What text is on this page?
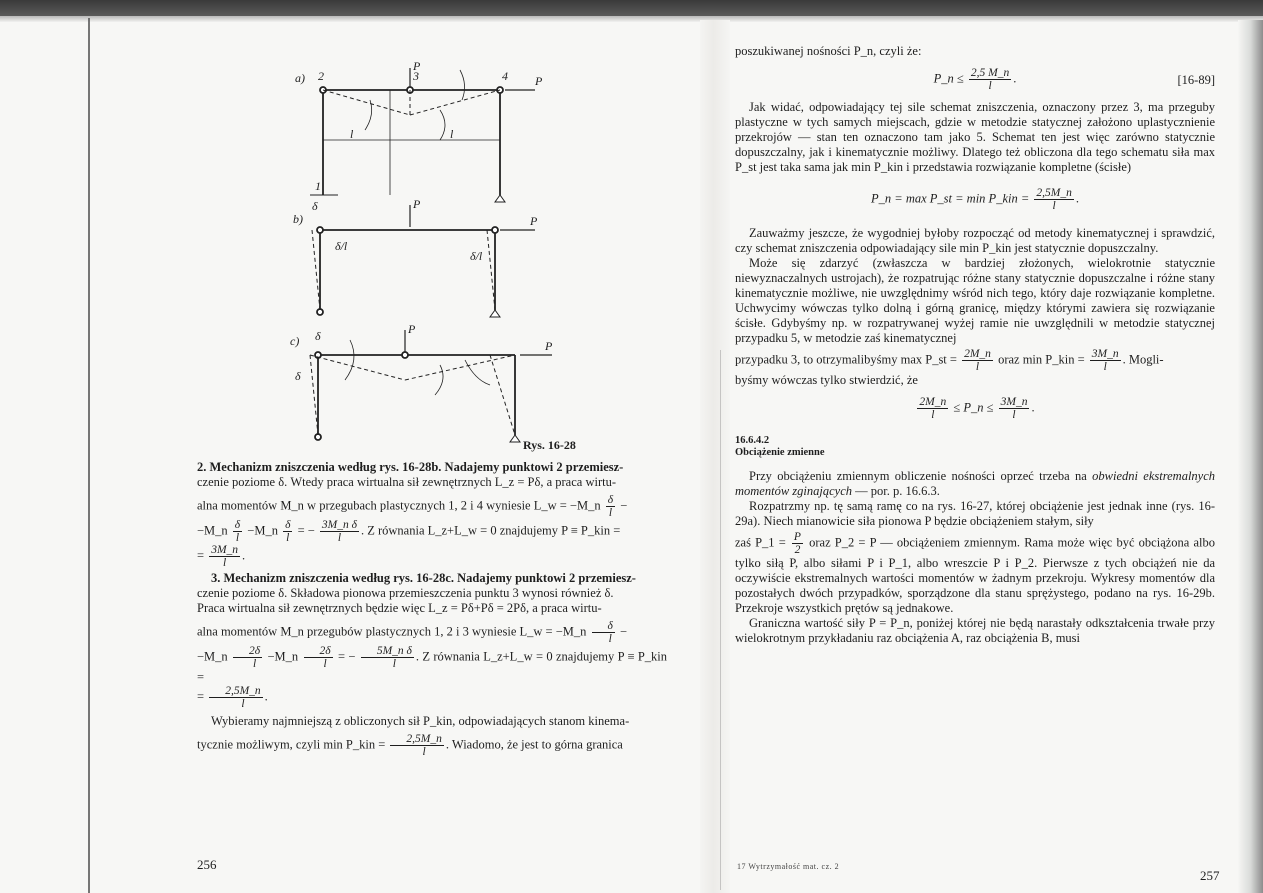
a) 2	3	4
P
P
1
l	l
b)
P
P
δ
δ/l
δ/l
c)
P
P
δ
δ
Rys. 16-28

2. Mechanizm zniszczenia według rys. 16-28b. Nadajemy punktowi 2 przemiesz-
czenie poziome δ. Wtedy praca wirtualna sił zewnętrznych L_z = Pδ, a praca wirtu-
alna momentów M_n w przegubach plastycznych 1, 2 i 4 wyniesie L_w = −M_n $\frac{\delta}{l}$ −
−M_n $\frac{\delta}{l}$ −M_n $\frac{\delta}{l}$ = − $\frac{\text{3M\_n δ}}{l}$ . Z równania L_z+L_w = 0 znajdujemy P ≡ P_kin =
= $\frac{3M\_n}{l}$ .

3. Mechanizm zniszczenia według rys. 16-28c. Nadajemy punktowi 2 przemiesz-
czenie poziome δ. Składowa pionowa przemieszczenia punktu 3 wynosi również δ.
Praca wirtualna sił zewnętrznych będzie więc L_z = Pδ+Pδ = 2Pδ, a praca wirtu-
alna momentów M_n przegubów plastycznych 1, 2 i 3 wyniesie L_w = −M_n $\frac{\delta}{l}$ −
−M_n $\frac{2\delta}{l}$ −M_n $\frac{2\delta}{l}$ = − $\frac{\text{5M\_n δ}}{l}$ . Z równania L_z+L_w = 0 znajdujemy P ≡ P_kin =
= $\frac{2,5M\_n}{l}$ .

Wybieramy najmniejszą z obliczonych sił P_kin, odpowiadających stanom kinema-
tycznie możliwym, czyli min P_kin = $\frac{2,5M\_n}{l}$ . Wiadomo, że jest to górna granica

256

poszukiwanej nośności P_n, czyli że:

P_n ≤ $\frac{2,5 M\_n}{l}$ .	[16-89]

Jak widać, odpowiadający tej sile schemat zniszczenia, oznaczony przez 3, ma przeguby plastyczne w tych samych miejscach, gdzie w metodzie statycznej założono uplastycznienie przekrojów — stan ten oznaczono tam jako 5. Schemat ten jest więc zarówno statycznie dopuszczalny, jak i kinematycznie możliwy. Dlatego też obliczona dla tego schematu siła max P_st jest taka sama jak min P_kin i przedstawia rozwiązanie kompletne (ścisłe)

P_n = max P_st = min P_kin = $\frac{2,5M\_n}{l}$ .

Zauważmy jeszcze, że wygodniej byłoby rozpocząć od metody kinematycznej i sprawdzić, czy schemat zniszczenia odpowiadający sile min P_kin jest statycznie dopuszczalny.

Może się zdarzyć (zwłaszcza w bardziej złożonych, wielokrotnie statycznie niewyznaczalnych ustrojach), że rozpatrując różne stany statycznie dopuszczalne i różne stany kinematycznie możliwe, nie uwzględnimy wśród nich tego, który daje rozwiązanie kompletne. Uchwycimy wówczas tylko dolną i górną granicę, między którymi zawiera się rozwiązanie ścisłe. Gdybyśmy np. w rozpatrywanej wyżej ramie nie uwzględnili w metodzie statycznej przypadku 5, w metodzie zaś kinematycznej

przypadku 3, to otrzymalibyśmy max P_st = $\frac{2M\_n}{l}$ oraz min P_kin = $\frac{3M\_n}{l}$ . Mogli-
byśmy wówczas tylko stwierdzić, że

$\frac{2M\_n}{l}$ ≤ P_n ≤ $\frac{3M\_n}{l}$ .
16.6.4.2
Obciążenie zmienne

Przy obciążeniu zmiennym obliczenie nośności oprzeć trzeba na obwiedni ekstremalnych momentów zginających — por. p. 16.6.3.

Rozpatrzmy np. tę samą ramę co na rys. 16-27, której obciążenie jest jednak inne (rys. 16-29a). Niech mianowicie siła pionowa P będzie obciążeniem stałym, siły

zaś P_1 = $\frac{P}{2}$ oraz P_2 = P — obciążeniem zmiennym. Rama może więc być obciążona albo tylko siłą P, albo siłami P i P_1, albo wreszcie P i P_2. Pierwsze z tych obciążeń nie da oczywiście ekstremalnych wartości momentów w żadnym przekroju. Wykresy momentów dla pozostałych dwóch przypadków, sporządzone dla stanu sprężystego, podano na rys. 16-29b. Przekroje wszystkich prętów są jednakowe.

Graniczna wartość siły P = P_n, poniżej której nie będą narastały odkształcenia trwałe przy wielokrotnym przykładaniu raz obciążenia A, raz obciążenia B, musi

17 Wytrzymałość mat. cz. 2
257
